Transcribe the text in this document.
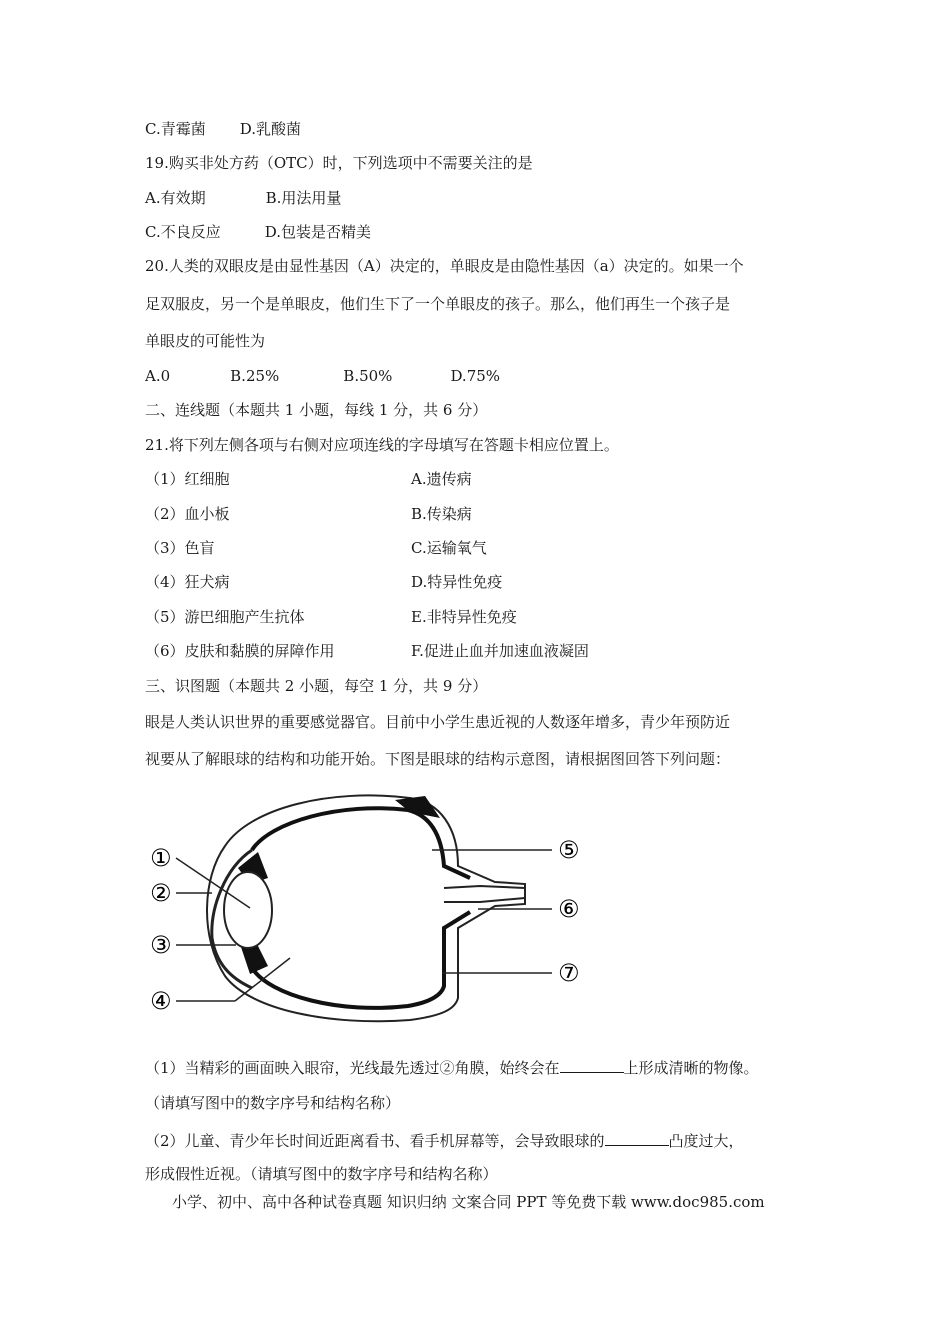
C.青霉菌 D.乳酸菌
19.购买非处方药（OTC）时，下列选项中不需要关注的是
A.有效期	B.用法用量
C.不良反应	D.包装是否精美
20.人类的双眼皮是由显性基因（A）决定的，单眼皮是由隐性基因（a）决定的。如果一个
足双服皮，另一个是单眼皮，他们生下了一个单眼皮的孩子。那么，他们再生一个孩子是
单眼皮的可能性为
A.0	B.25%	B.50%	D.75%
二、连线题（本题共 1 小题，每线 1 分，共 6 分）
21.将下列左侧各项与右侧对应项连线的字母填写在答题卡相应位置上。
（1）红细胞	A.遗传病
（2）血小板	B.传染病
（3）色盲	C.运输氧气
（4）狂犬病	D.特异性免疫
（5）游巴细胞产生抗体	E.非特异性免疫
（6）皮肤和黏膜的屏障作用	F.促进止血并加速血液凝固
三、识图题（本题共 2 小题，每空 1 分，共 9 分）
眼是人类认识世界的重要感觉器官。目前中小学生患近视的人数逐年增多，青少年预防近
视要从了解眼球的结构和功能开始。下图是眼球的结构示意图，请根据图回答下列问题：
①
②
③
④
⑤
⑥
⑦
（1）当精彩的画面映入眼帘，光线最先透过②角膜，始终会在	上形成清晰的物像。
（请填写图中的数字序号和结构名称）
（2）儿童、青少年长时间近距离看书、看手机屏幕等，会导致眼球的	凸度过大，
形成假性近视。（请填写图中的数字序号和结构名称）
小学、初中、高中各种试卷真题 知识归纳 文案合同 PPT 等免费下载 www.doc985.com
